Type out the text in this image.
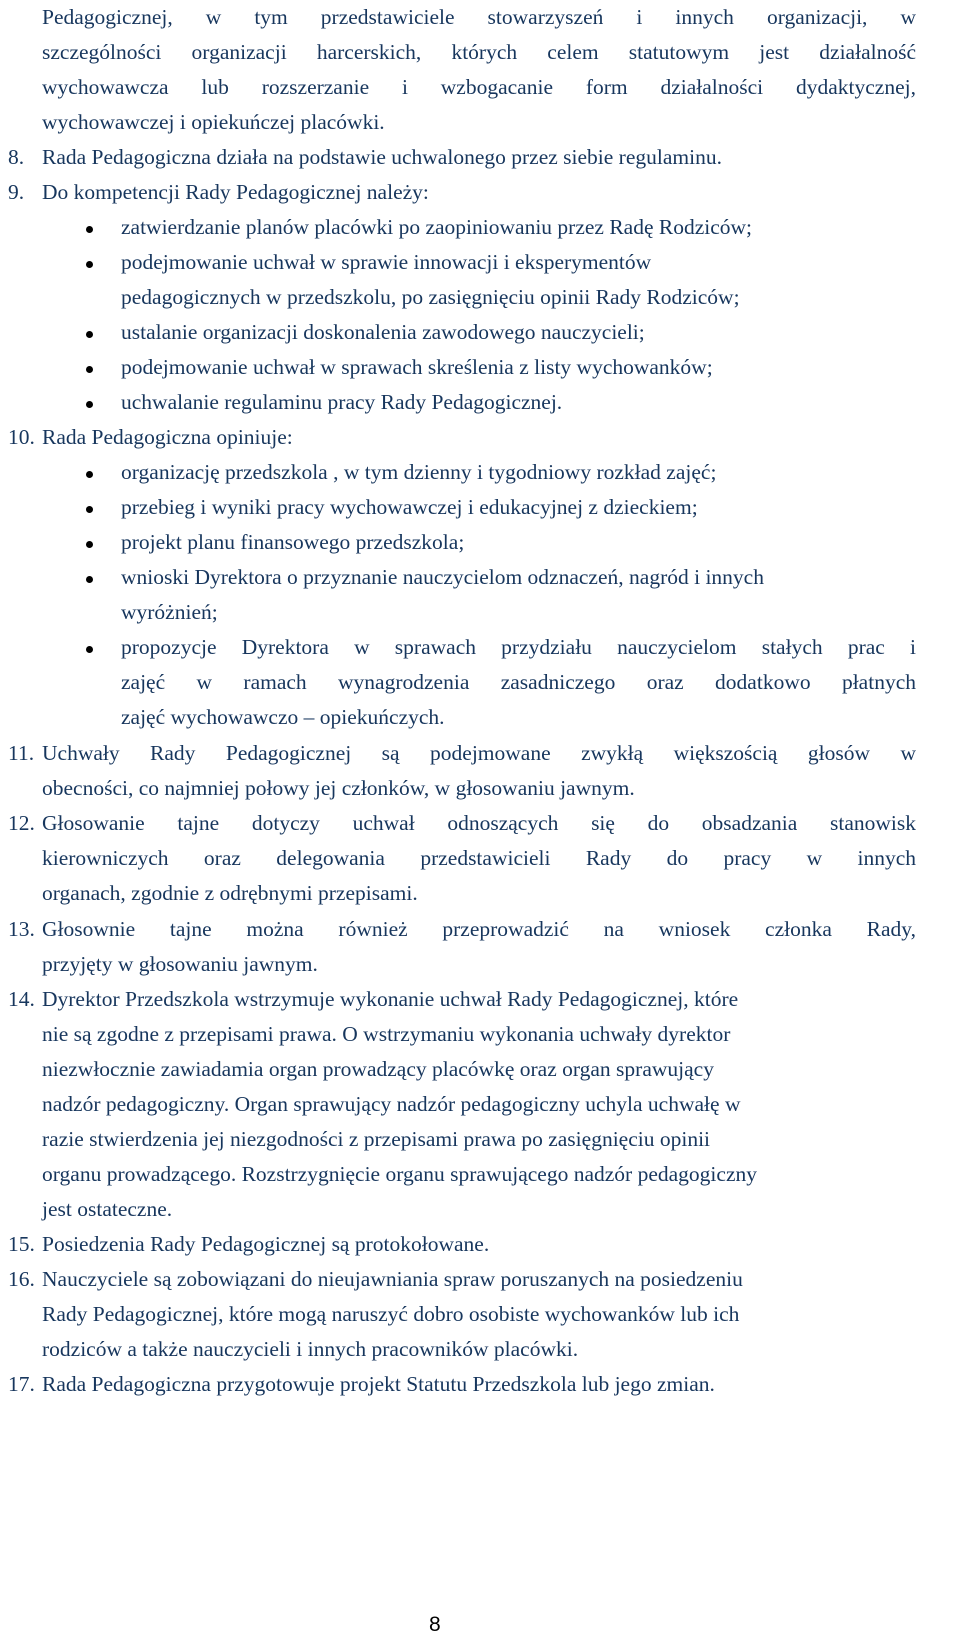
Pedagogicznej, w tym przedstawiciele stowarzyszeń i innych organizacji, w
szczególności organizacji harcerskich, których celem statutowym jest działalność
wychowawcza lub rozszerzanie i wzbogacanie form działalności dydaktycznej,
wychowawczej i opiekuńczej placówki.
8. Rada Pedagogiczna działa na podstawie uchwalonego przez siebie regulaminu.
9. Do kompetencji Rady Pedagogicznej należy:
zatwierdzanie planów placówki po zaopiniowaniu przez Radę Rodziców;
podejmowanie uchwał w sprawie innowacji i eksperymentów
pedagogicznych w przedszkolu, po zasięgnięciu opinii Rady Rodziców;
ustalanie organizacji doskonalenia zawodowego nauczycieli;
podejmowanie uchwał w sprawach skreślenia z listy wychowanków;
uchwalanie regulaminu pracy Rady Pedagogicznej.
10. Rada Pedagogiczna opiniuje:
organizację przedszkola , w tym dzienny i tygodniowy rozkład zajęć;
przebieg i wyniki pracy wychowawczej i edukacyjnej z dzieckiem;
projekt planu finansowego przedszkola;
wnioski Dyrektora o przyznanie nauczycielom odznaczeń, nagród i innych
wyróżnień;
propozycje Dyrektora w sprawach przydziału nauczycielom stałych prac i
zajęć w ramach wynagrodzenia zasadniczego oraz dodatkowo płatnych
zajęć wychowawczo – opiekuńczych.
11. Uchwały Rady Pedagogicznej są podejmowane zwykłą większością głosów w
obecności, co najmniej połowy jej członków, w głosowaniu jawnym.
12. Głosowanie tajne dotyczy uchwał odnoszących się do obsadzania stanowisk
kierowniczych oraz delegowania przedstawicieli Rady do pracy w innych
organach, zgodnie z odrębnymi przepisami.
13. Głosownie tajne można również przeprowadzić na wniosek członka Rady,
przyjęty w głosowaniu jawnym.
14. Dyrektor Przedszkola wstrzymuje wykonanie uchwał Rady Pedagogicznej, które
nie są zgodne z przepisami prawa. O wstrzymaniu wykonania uchwały dyrektor
niezwłocznie zawiadamia organ prowadzący placówkę oraz organ sprawujący
nadzór pedagogiczny. Organ sprawujący nadzór pedagogiczny uchyla uchwałę w
razie stwierdzenia jej niezgodności z przepisami prawa po zasięgnięciu opinii
organu prowadzącego. Rozstrzygnięcie organu sprawującego nadzór pedagogiczny
jest ostateczne.
15. Posiedzenia Rady Pedagogicznej są protokołowane.
16. Nauczyciele są zobowiązani do nieujawniania spraw poruszanych na posiedzeniu
Rady Pedagogicznej, które mogą naruszyć dobro osobiste wychowanków lub ich
rodziców a także nauczycieli i innych pracowników placówki.
17. Rada Pedagogiczna przygotowuje projekt Statutu Przedszkola lub jego zmian.
8
